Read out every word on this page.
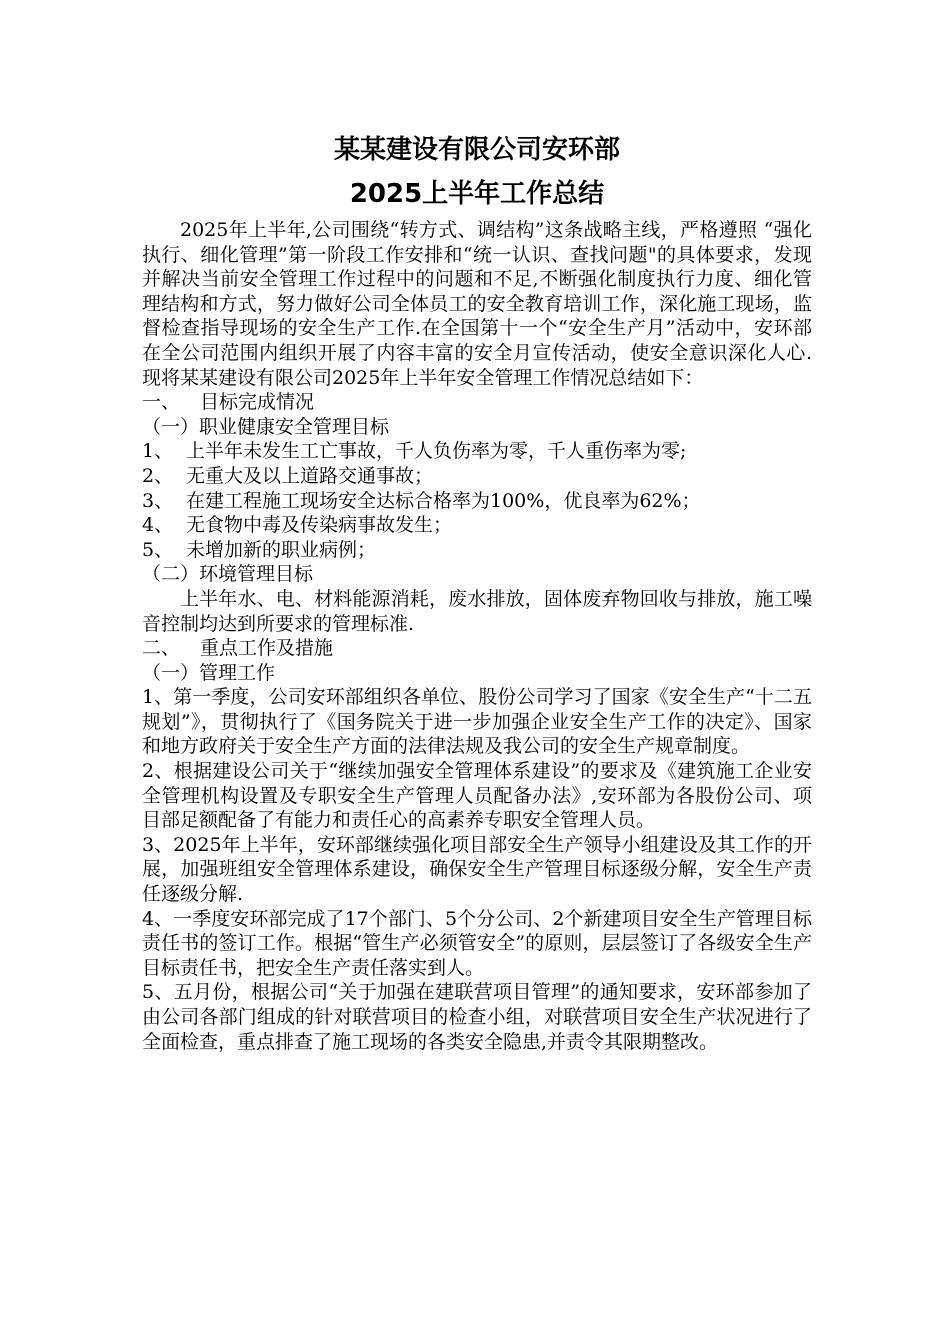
某某建设有限公司安环部
2025上半年工作总结

2025年上半年,公司围绕“转方式、调结构”这条战略主线，严格遵照 “强化执行、细化管理”第一阶段工作安排和“统一认识、查找问题"的具体要求，发现并解决当前安全管理工作过程中的问题和不足,不断强化制度执行力度、细化管理结构和方式，努力做好公司全体员工的安全教育培训工作，深化施工现场，监督检查指导现场的安全生产工作.在全国第十一个“安全生产月”活动中，安环部在全公司范围内组织开展了内容丰富的安全月宣传活动，使安全意识深化人心.现将某某建设有限公司2025年上半年安全管理工作情况总结如下：

一、 目标完成情况

（一）职业健康安全管理目标

1、 上半年未发生工亡事故，千人负伤率为零，千人重伤率为零;

2、 无重大及以上道路交通事故；

3、 在建工程施工现场安全达标合格率为100%，优良率为62%；

4、 无食物中毒及传染病事故发生；

5、 未增加新的职业病例；

（二）环境管理目标

上半年水、电、材料能源消耗，废水排放，固体废弃物回收与排放，施工噪音控制均达到所要求的管理标准.

二、 重点工作及措施

（一）管理工作

1、第一季度，公司安环部组织各单位、股份公司学习了国家《安全生产“十二五规划”》，贯彻执行了《国务院关于进一步加强企业安全生产工作的决定》、国家和地方政府关于安全生产方面的法律法规及我公司的安全生产规章制度。

2、根据建设公司关于“继续加强安全管理体系建设”的要求及《建筑施工企业安全管理机构设置及专职安全生产管理人员配备办法》,安环部为各股份公司、项目部足额配备了有能力和责任心的高素养专职安全管理人员。

3、2025年上半年，安环部继续强化项目部安全生产领导小组建设及其工作的开展，加强班组安全管理体系建设，确保安全生产管理目标逐级分解，安全生产责任逐级分解.

4、一季度安环部完成了17个部门、5个分公司、2个新建项目安全生产管理目标责任书的签订工作。根据“管生产必须管安全”的原则，层层签订了各级安全生产目标责任书，把安全生产责任落实到人。

5、五月份，根据公司“关于加强在建联营项目管理”的通知要求，安环部参加了由公司各部门组成的针对联营项目的检查小组，对联营项目安全生产状况进行了全面检查，重点排查了施工现场的各类安全隐患,并责令其限期整改。
